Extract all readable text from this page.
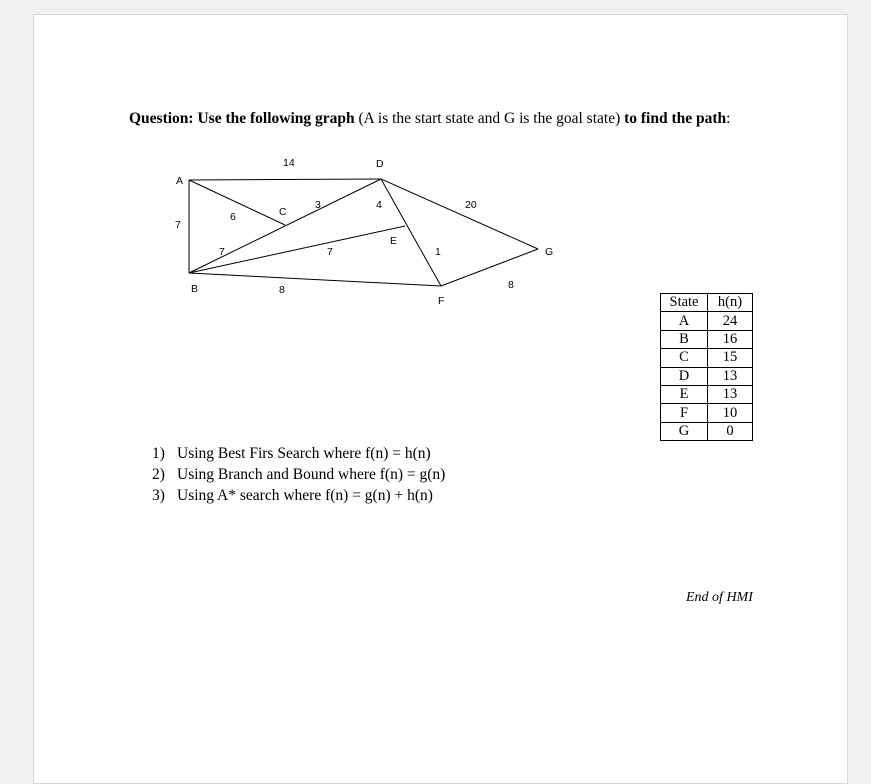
Question: Use the following graph (A is the start state and G is the goal state) to find the path:
A
B
C
D
E
F
G
14
7
6
7
3	4	20
7	1
8	8
State	h(n)
A	24
B	16
C	15
D	13
E	13
F	10
G	0
1) Using Best Firs Search where f(n) = h(n)
2) Using Branch and Bound where f(n) = g(n)
3) Using A* search where f(n) = g(n) + h(n)
End of HMI
